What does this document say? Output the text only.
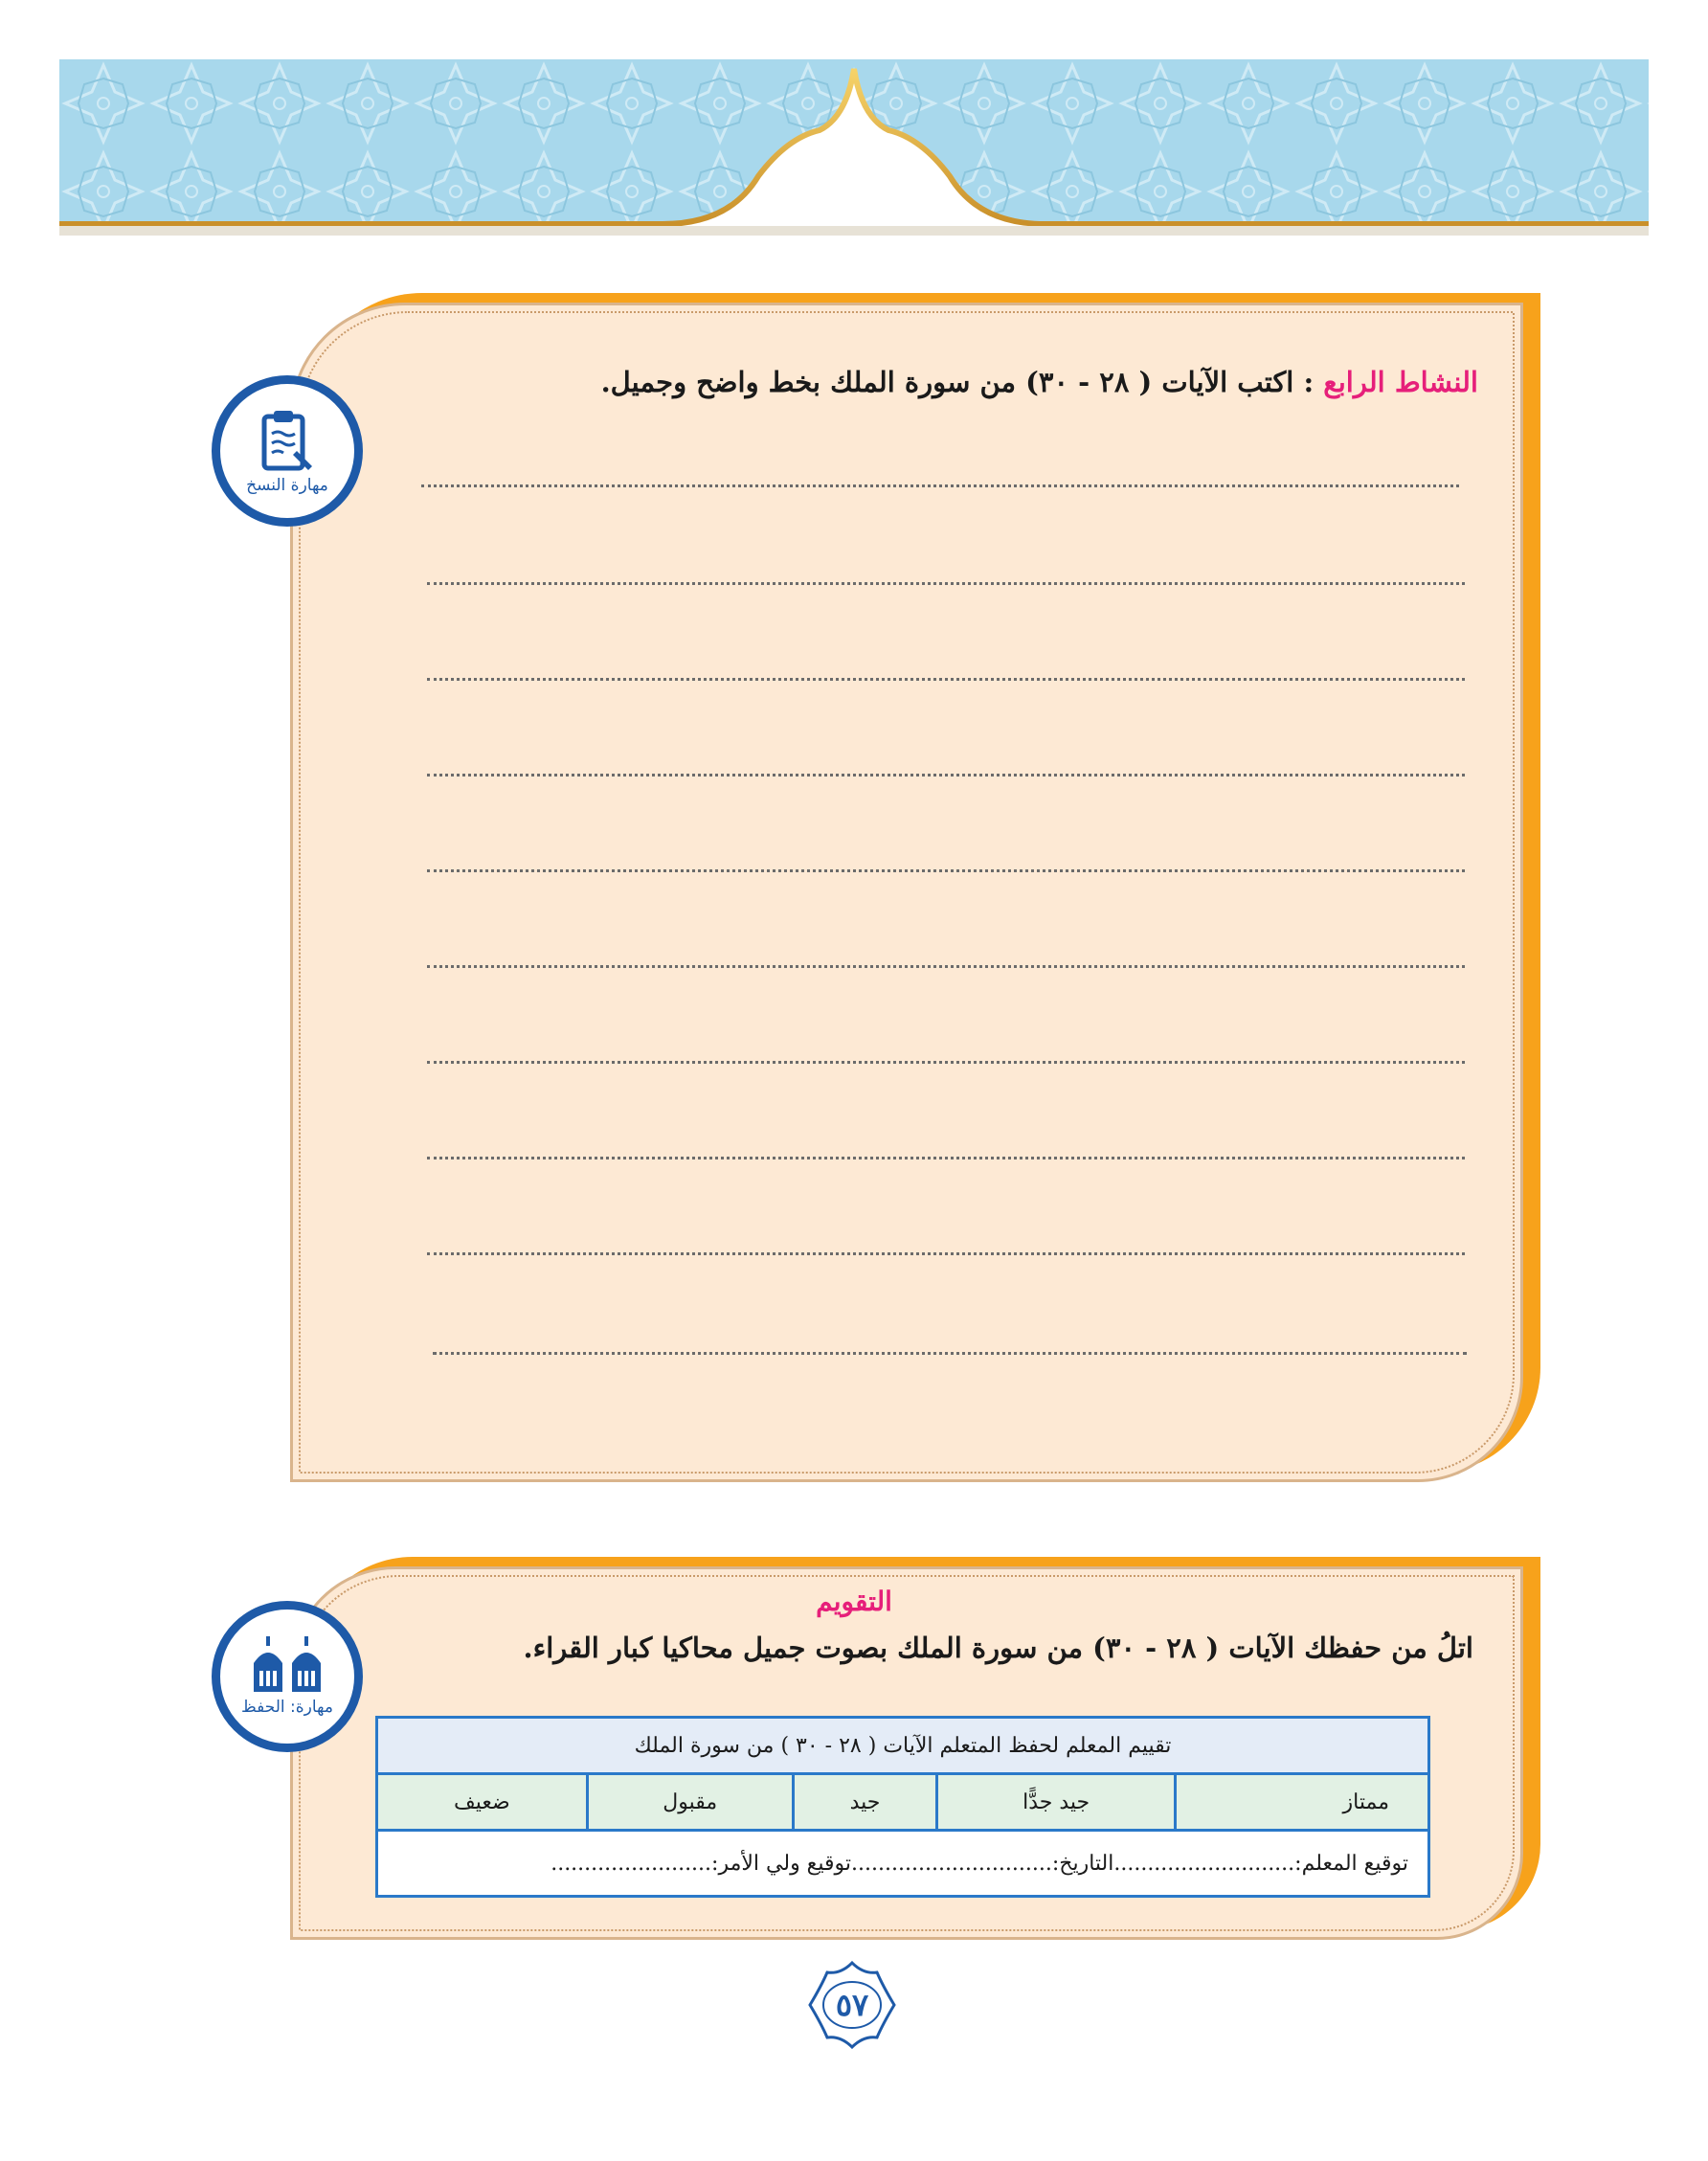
مهارة النسخ
النشاط الرابع : اكتب الآيات ( ٢٨ - ٣٠) من سورة الملك بخط واضح وجميل.
مهارة: الحفظ
التقويم
اتلُ من حفظك الآيات ( ٢٨ - ٣٠) من سورة الملك بصوت جميل محاكيا كبار القراء.
تقييم المعلم لحفظ المتعلم الآيات ( ٢٨ - ٣٠ ) من سورة الملك
ممتاز	جيد جدًّا	جيد	مقبول	ضعيف
توقيع المعلم:...........................التاريخ:..............................توقيع ولي الأمر:........................
٥٧
